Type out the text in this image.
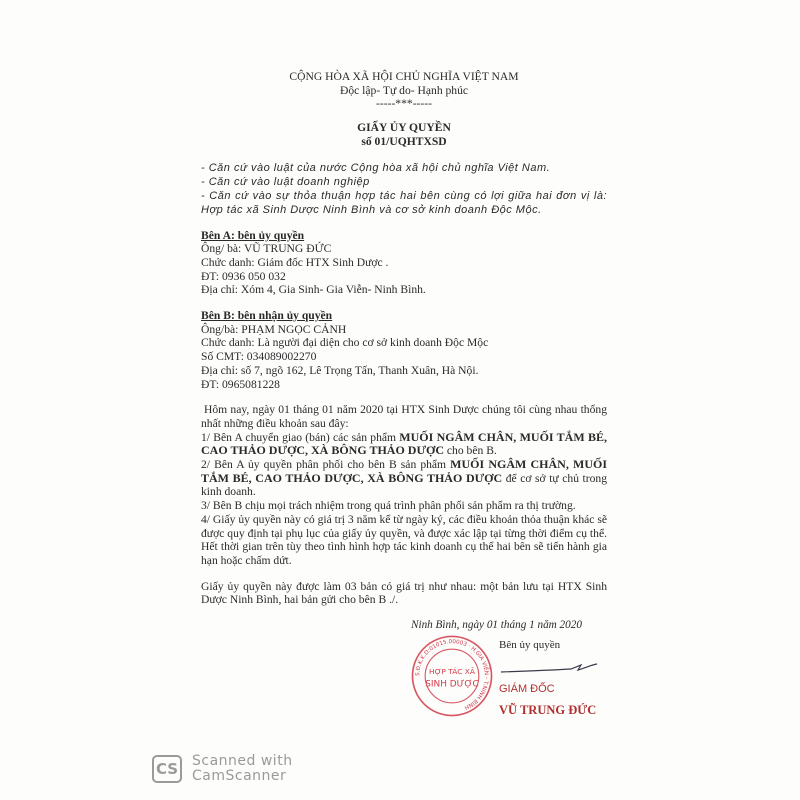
CỘNG HÒA XÃ HỘI CHỦ NGHĨA VIỆT NAM
Độc lập- Tự do- Hạnh phúc
-----***-----
GIẤY ỦY QUYỀN
số 01/UQHTXSD
- Căn cứ vào luật của nước Cộng hòa xã hội chủ nghĩa Việt Nam.
- Căn cứ vào luật doanh nghiệp
- Căn cứ vào sự thỏa thuận hợp tác hai bên cùng có lợi giữa hai đơn vị là: Hợp tác xã Sinh Dược Ninh Bình và cơ sở kinh doanh Độc Mộc.
Bên A: bên ủy quyền
Ông/ bà: VŨ TRUNG ĐỨC
Chức danh: Giám đốc HTX Sinh Dược .
ĐT: 0936 050 032
Địa chỉ: Xóm 4, Gia Sinh- Gia Viễn- Ninh Bình.
Bên B: bên nhận ủy quyền
Ông/bà: PHẠM NGỌC CẢNH
Chức danh: Là người đại diện cho cơ sở kinh doanh Độc Mộc
Số CMT: 034089002270
Địa chỉ: số 7, ngõ 162, Lê Trọng Tấn, Thanh Xuân, Hà Nội.
ĐT: 0965081228
Hôm nay, ngày 01 tháng 01 năm 2020 tại HTX Sinh Dược chúng tôi cùng nhau thống nhất những điều khoản sau đây:
1/ Bên A chuyển giao (bán) các sản phẩm MUỐI NGÂM CHÂN, MUỐI TẮM BÉ, CAO THẢO DƯỢC, XÀ BÔNG THẢO DƯỢC cho bên B.
2/ Bên A ủy quyền phân phối cho bên B sản phẩm MUỐI NGÂM CHÂN, MUỐI TẮM BÉ, CAO THẢO DƯỢC, XÀ BÔNG THẢO DƯỢC để cơ sở tự chủ trong kinh doanh.
3/ Bên B chịu mọi trách nhiệm trong quá trình phân phối sản phẩm ra thị trường.
4/ Giấy ủy quyền này có giá trị 3 năm kể từ ngày ký, các điều khoản thỏa thuận khác sẽ được quy định tại phụ lục của giấy ủy quyền, và được xác lập tại từng thời điểm cụ thể. Hết thời gian trên tùy theo tình hình hợp tác kinh doanh cụ thể hai bên sẽ tiến hành gia hạn hoặc chấm dứt.
Giấy ủy quyền này được làm 03 bản có giá trị như nhau: một bản lưu tại HTX Sinh Dược Ninh Bình, hai bản gửi cho bên B ./.
Ninh Bình, ngày 01 tháng 1 năm 2020
S.Đ.K.K.D:01015.00003 · H.GIA VIỄN - T.NINH BÌNH
HỢP TÁC XÃ
SINH DƯỢC
Bên ủy quyền
GIÁM ĐỐC
VŨ TRUNG ĐỨC
CS Scanned with
CamScanner
